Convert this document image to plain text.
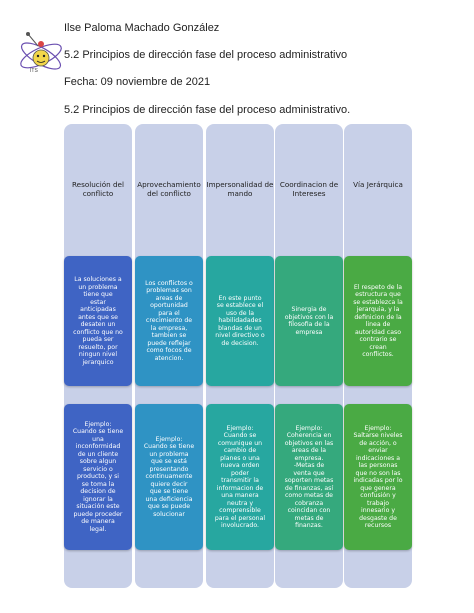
ITS
Ilse Paloma Machado González
5.2 Principios de dirección fase del proceso administrativo
Fecha: 09 noviembre de 2021
5.2 Principios de dirección fase del proceso administrativo.
Resolución del
conflicto
La soluciones a
un problema
tiene que
estar
anticipadas
antes que se
desaten un
conflicto que no
pueda ser
resuelto, por
ningun nivel
jerarquico
Ejemplo:
Cuando se tiene
una
inconformidad
de un cliente
sobre algun
servicio o
producto, y si
se toma la
decision de
ignorar la
situación este
puede proceder
de manera
legal.
Aprovechamiento
del conflicto
Los conflictos o
problemas son
areas de
oportunidad
para el
crecimiento de
la empresa,
tambien se
puede reflejar
como focos de
atencion.
Ejemplo:
Cuando se tiene
un problema
que se está
presentando
continuamente
quiere decir
que se tiene
una deficiencia
que se puede
solucionar
Impersonalidad de
mando
En este punto
se establece el
uso de la
habilidadades
blandas de un
nivel directivo o
de decision.
Ejemplo:
Cuando se
comunique un
cambio de
planes o una
nueva orden
poder
transmitir la
informacion de
una manera
neutra y
comprensible
para el personal
involucrado.
Coordinacion de
Intereses
Sinergia de
objetivos con la
filosofia de la
empresa
Ejemplo:
Coherencia en
objetivos en las
areas de la
empresa.
-Metas de
venta que
soporten metas
de finanzas, así
como metas de
cobranza
coincidan con
metas de
finanzas.
Vía Jerárquica
El respeto de la
estructura que
se establezca la
jerarquia, y la
definicion de la
linea de
autoridad caso
contrario se
crean
conflictos.
Ejemplo:
Saltarse niveles
de acción, o
enviar
indicaciones a
las personas
que no son las
indicadas por lo
que genera
confusión y
trabajo
innesario y
desgaste de
recursos
